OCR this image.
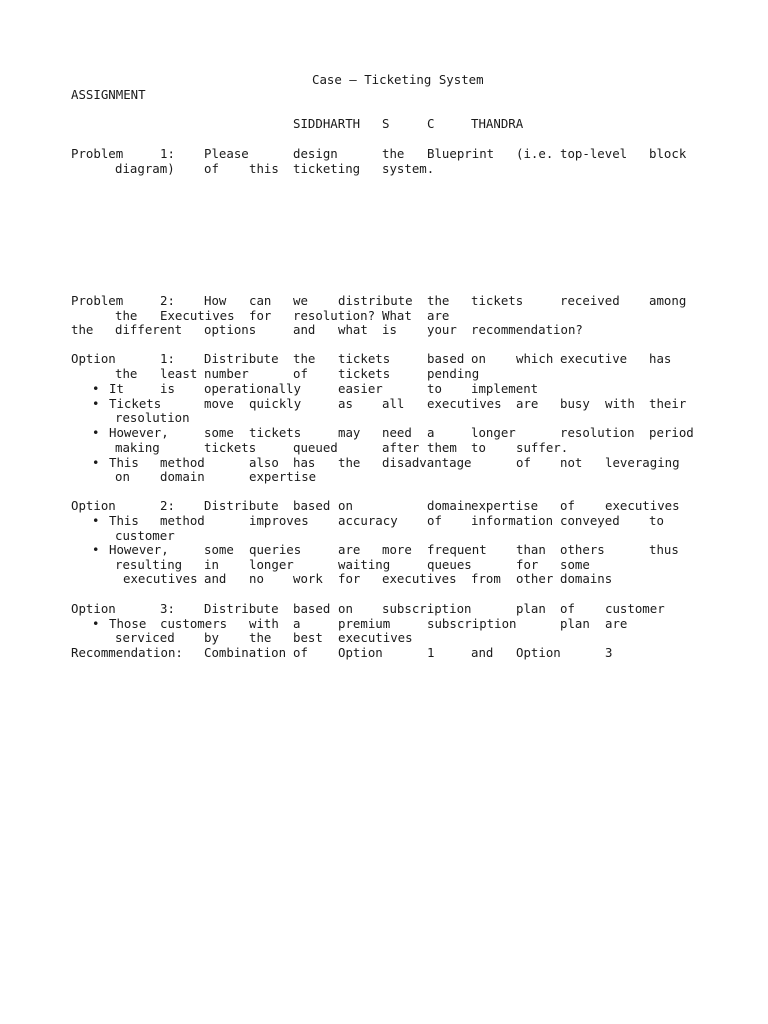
Case – Ticketing System
ASSIGNMENT
SIDDHARTH S	C	THANDRA
Problem	1: Please	design	the Blueprint (i.e. top-level block
diagram) of this ticketing system.
Problem	2: How can we distribute the tickets	received among
the Executives for resolution? What are
the different options	and what is your recommendation?
Option	1: Distribute the tickets	based on which executive has
the least number	of tickets	pending
• It	is operationally	easier	to implement
• Tickets	move quickly	as all executives are busy with their
resolution
• However,	some tickets	may need a	longer	resolution period
making	tickets	queued	after them to suffer.
• This method	also has the disadvantage	of not leveraging
on domain	expertise
Option	2: Distribute based on	domain expertise of executives
• This method	improves accuracy of information conveyed to
customer
• However,	some queries	are more frequent than others	thus
resulting in longer	waiting	queues	for some
executives and no work for executives from other domains
Option	3: Distribute based on subscription	plan of customer
• Those customers with a	premium	subscription	plan are
serviced by the best executives
Recommendation: Combination of Option	1	and Option	3
